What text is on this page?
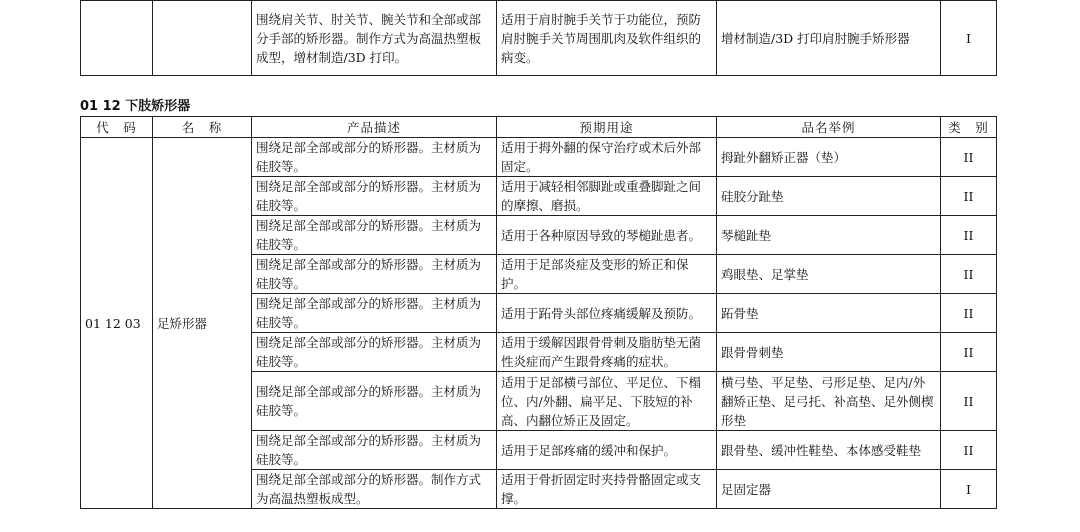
		围绕肩关节、肘关节、腕关节和全部或部分手部的矫形器。制作方式为高温热塑板成型，增材制造/3D 打印。	适用于肩肘腕手关节于功能位，预防肩肘腕手关节周围肌肉及软件组织的病变。	增材制造/3D 打印肩肘腕手矫形器	I
01 12 下肢矫形器
代　码	名　称	产品描述	预期用途	品名举例	类　别
01 12 03	足矫形器	围绕足部全部或部分的矫形器。主材质为硅胶等。	适用于拇外翻的保守治疗或术后外部固定。	拇趾外翻矫正器（垫）	II
		围绕足部全部或部分的矫形器。主材质为硅胶等。	适用于减轻相邻脚趾或重叠脚趾之间的摩擦、磨损。	硅胶分趾垫	II
		围绕足部全部或部分的矫形器。主材质为硅胶等。	适用于各种原因导致的琴槌趾患者。	琴槌趾垫	II
		围绕足部全部或部分的矫形器。主材质为硅胶等。	适用于足部炎症及变形的矫正和保护。	鸡眼垫、足掌垫	II
		围绕足部全部或部分的矫形器。主材质为硅胶等。	适用于跖骨头部位疼痛缓解及预防。	跖骨垫	II
		围绕足部全部或部分的矫形器。主材质为硅胶等。	适用于缓解因跟骨骨刺及脂肪垫无菌性炎症而产生跟骨疼痛的症状。	跟骨骨刺垫	II
		围绕足部全部或部分的矫形器。主材质为硅胶等。	适用于足部横弓部位、平足位、下榻位、内/外翻、扁平足、下肢短的补高、内翻位矫正及固定。	横弓垫、平足垫、弓形足垫、足内/外翻矫正垫、足弓托、补高垫、足外侧楔形垫	II
		围绕足部全部或部分的矫形器。主材质为硅胶等。	适用于足部疼痛的缓冲和保护。	跟骨垫、缓冲性鞋垫、本体感受鞋垫	II
		围绕足部全部或部分的矫形器。制作方式为高温热塑板成型。	适用于骨折固定时夹持骨骼固定或支撑。	足固定器	I
